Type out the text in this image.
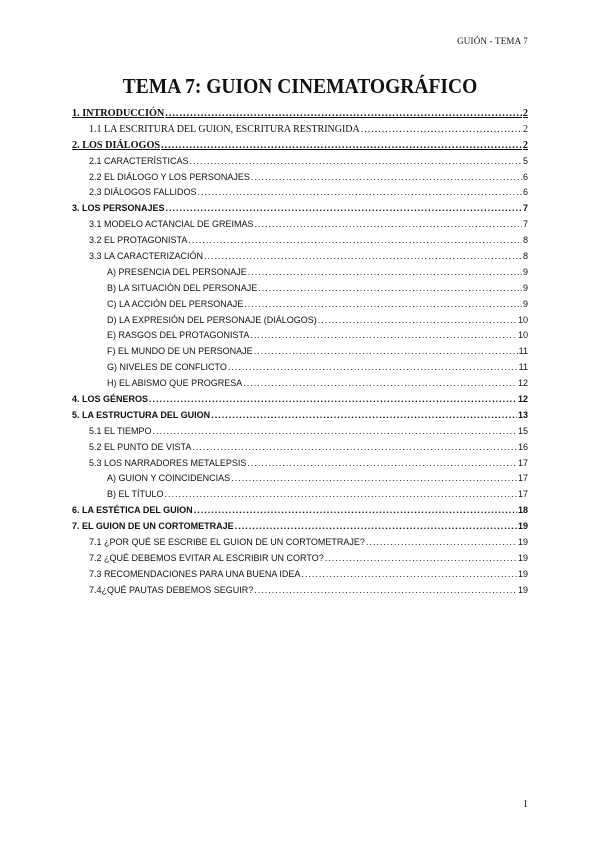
GUIÓN - TEMA 7
TEMA 7: GUION CINEMATOGRÁFICO
1. INTRODUCCIÓN .....	2
1.1 LA ESCRITURA DEL GUION, ESCRITURA RESTRINGIDA .....	2
2. LOS DIÁLOGOS .....	2
2.1 CARACTERÍSTICAS .....	5
2.2 EL DIÁLOGO Y LOS PERSONAJES .....	6
2.3 DIÁLOGOS FALLIDOS .....	6
3. LOS PERSONAJES .....	7
3.1 MODELO ACTANCIAL DE GREIMAS .....	7
3.2 EL PROTAGONISTA .....	8
3.3 LA CARACTERIZACIÓN .....	8
A) PRESENCIA DEL PERSONAJE .....	9
B) LA SITUACIÓN DEL PERSONAJE .....	9
C) LA ACCIÓN DEL PERSONAJE .....	9
D) LA EXPRESIÓN DEL PERSONAJE (DIÁLOGOS) .....	10
E) RASGOS DEL PROTAGONISTA .....	10
F) EL MUNDO DE UN PERSONAJE .....	11
G) NIVELES DE CONFLICTO .....	11
H) EL ABISMO QUE PROGRESA .....	12
4. LOS GÉNEROS .....	12
5. LA ESTRUCTURA DEL GUION .....	13
5.1 EL TIEMPO .....	15
5.2 EL PUNTO DE VISTA .....	16
5.3 LOS NARRADORES METALEPSIS .....	17
A) GUION Y COINCIDENCIAS .....	17
B) EL TÍTULO .....	17
6. LA ESTÉTICA DEL GUION .....	18
7. EL GUION DE UN CORTOMETRAJE .....	19
7.1 ¿POR QUÉ SE ESCRIBE EL GUION DE UN CORTOMETRAJE? .....	19
7.2 ¿QUÉ DEBEMOS EVITAR AL ESCRIBIR UN CORTO? .....	19
7.3 RECOMENDACIONES PARA UNA BUENA IDEA .....	19
7.4¿QUÉ PAUTAS DEBEMOS SEGUIR? .....	19
1
